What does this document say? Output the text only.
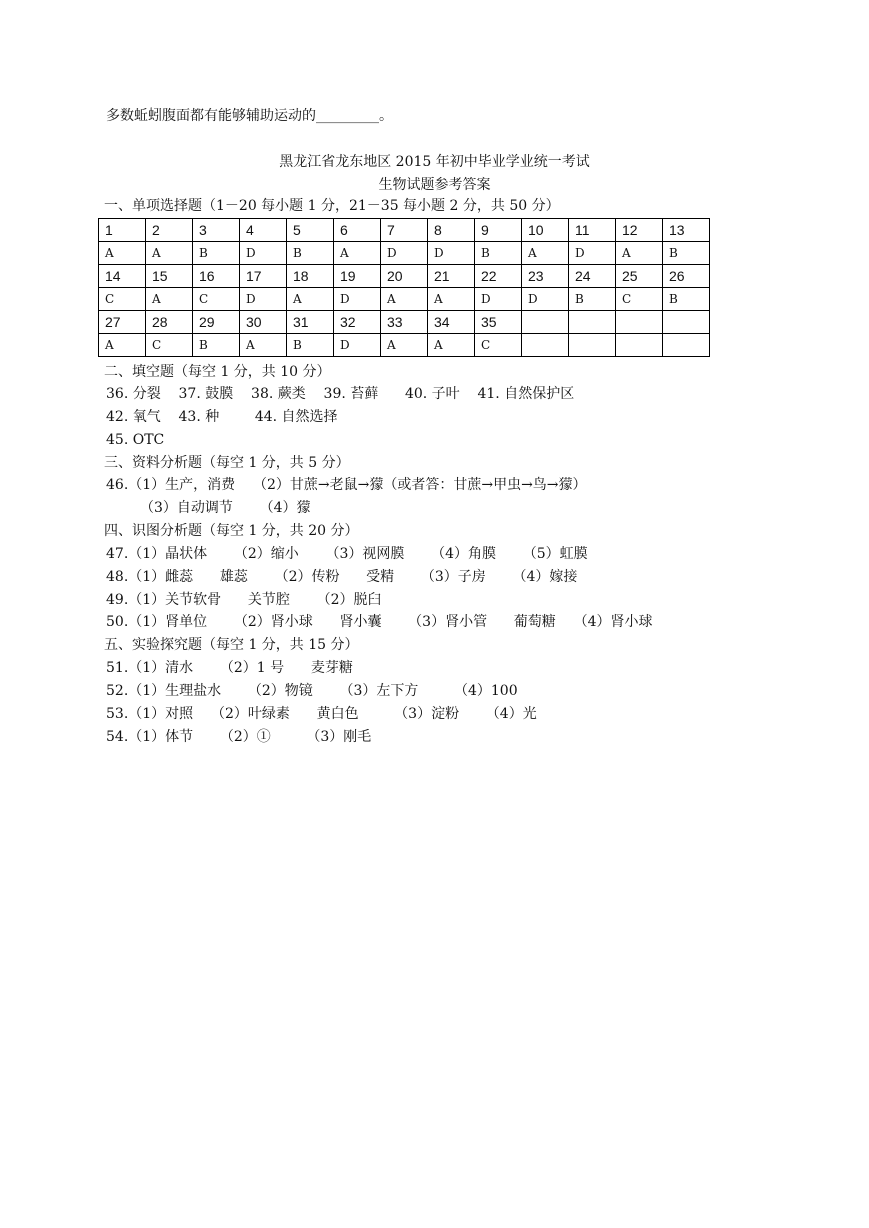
多数蚯蚓腹面都有能够辅助运动的_________。
黑龙江省龙东地区 2015 年初中毕业学业统一考试
生物试题参考答案
一、单项选择题（1－20 每小题 1 分，21－35 每小题 2 分，共 50 分）
1	2	3	4	5	6	7	8	9	10	11	12	13
A	A	B	D	B	A	D	D	B	A	D	A	B
14	15	16	17	18	19	20	21	22	23	24	25	26
C	A	C	D	A	D	A	A	D	D	B	C	B
27	28	29	30	31	32	33	34	35				
A	C	B	A	B	D	A	A	C				
二、填空题（每空 1 分，共 10 分）
36. 分裂    37. 鼓膜    38. 蕨类    39. 苔藓      40. 子叶    41. 自然保护区
42. 氧气    43. 种        44. 自然选择
45. OTC
三、资料分析题（每空 1 分，共 5 分）
46.（1）生产，消费    （2）甘蔗→老鼠→獴（或者答：甘蔗→甲虫→鸟→獴）
（3）自动调节      （4）獴
四、识图分析题（每空 1 分，共 20 分）
47.（1）晶状体      （2）缩小      （3）视网膜      （4）角膜      （5）虹膜
48.（1）雌蕊      雄蕊      （2）传粉      受精      （3）子房      （4）嫁接
49.（1）关节软骨      关节腔      （2）脱臼
50.（1）肾单位      （2）肾小球      肾小囊      （3）肾小管      葡萄糖    （4）肾小球
五、实验探究题（每空 1 分，共 15 分）
51.（1）清水      （2）1 号      麦芽糖
52.（1）生理盐水      （2）物镜      （3）左下方        （4）100
53.（1）对照    （2）叶绿素      黄白色        （3）淀粉      （4）光
54.（1）体节      （2）①        （3）刚毛
